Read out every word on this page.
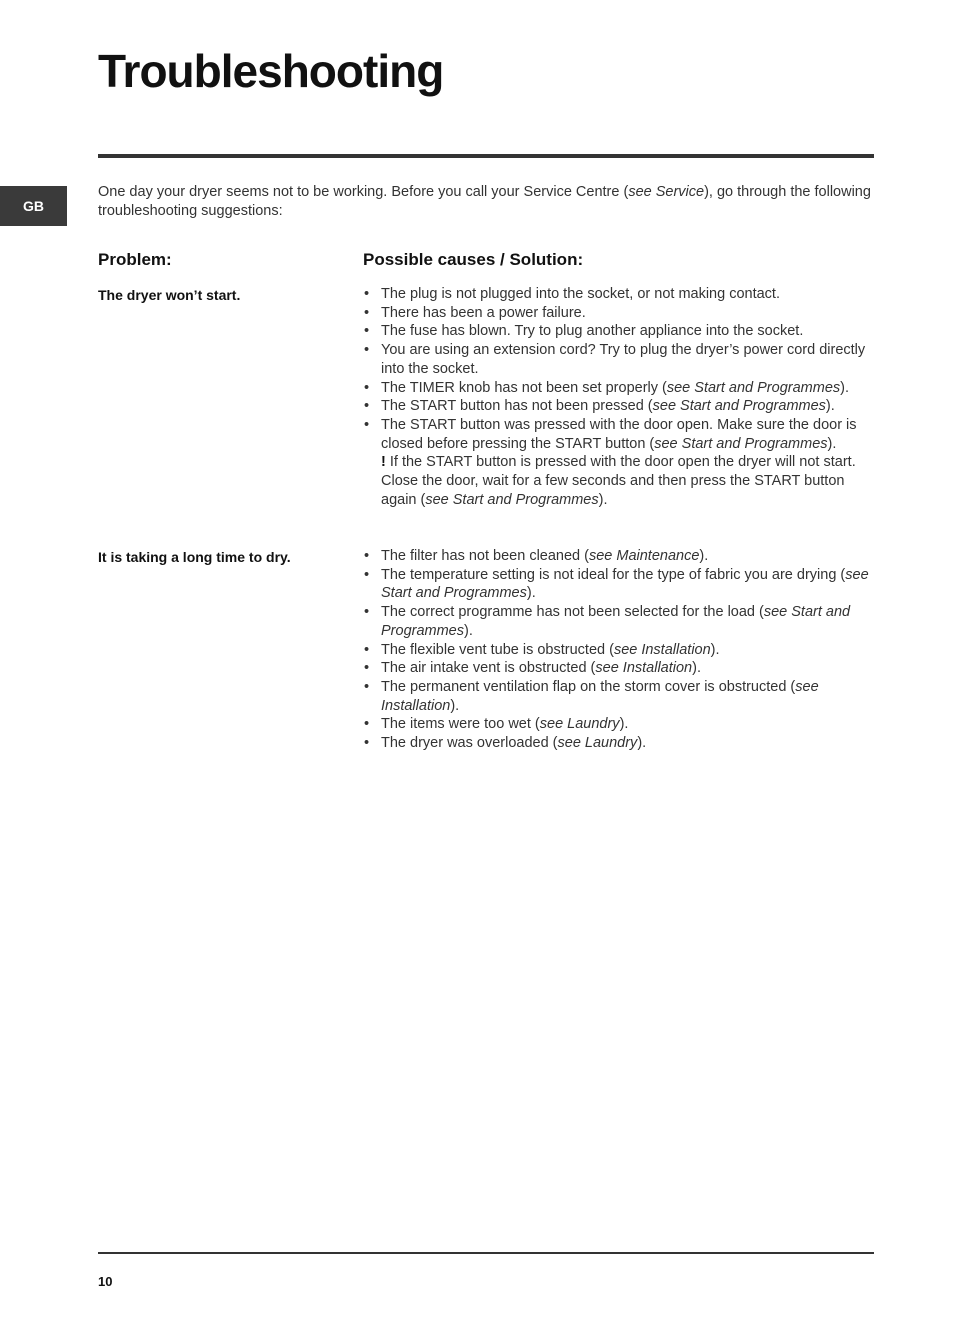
Troubleshooting
GB

One day your dryer seems not to be working. Before you call your Service Centre (see Service), go through the following troubleshooting suggestions:

Problem:	Possible causes / Solution:
The dryer won’t start.	• The plug is not plugged into the socket, or not making contact.
• There has been a power failure.
• The fuse has blown. Try to plug another appliance into the socket.
• You are using an extension cord? Try to plug the dryer’s power cord directly into the socket.
• The TIMER knob has not been set properly (see Start and Programmes).
• The START button has not been pressed (see Start and Programmes).
• The START button was pressed with the door open. Make sure the door is closed before pressing the START button (see Start and Programmes).
! If the START button is pressed with the door open the dryer will not start. Close the door, wait for a few seconds and then press the START button again (see Start and Programmes).
It is taking a long time to dry.	• The filter has not been cleaned (see Maintenance).
• The temperature setting is not ideal for the type of fabric you are drying (see Start and Programmes).
• The correct programme has not been selected for the load (see Start and Programmes).
• The flexible vent tube is obstructed (see Installation).
• The air intake vent is obstructed (see Installation).
• The permanent ventilation flap on the storm cover is obstructed (see Installation).
• The items were too wet (see Laundry).
• The dryer was overloaded (see Laundry).
10
